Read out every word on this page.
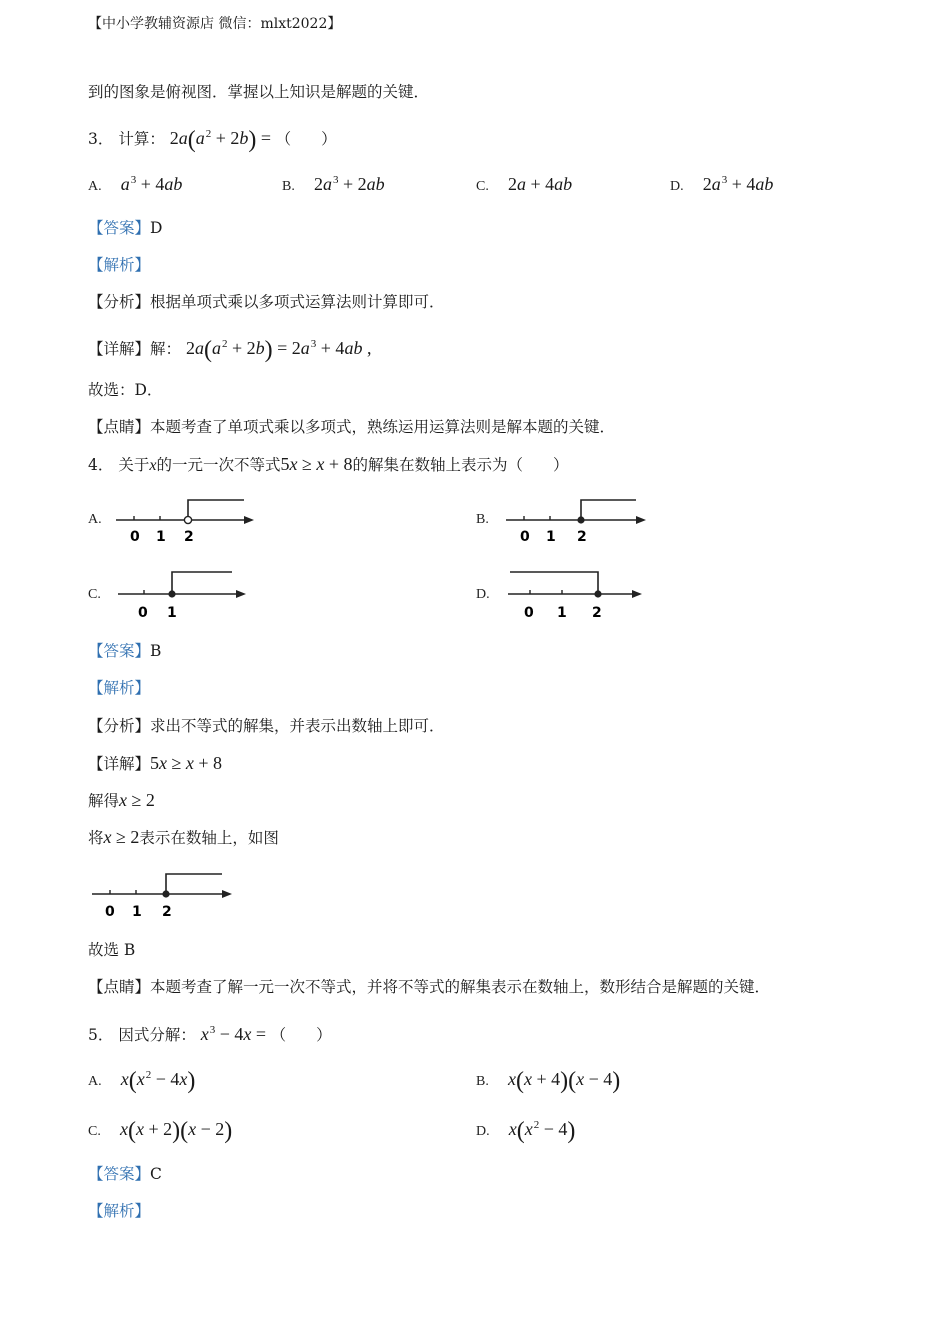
【中小学教辅资源店 微信：mlxt2022】
到的图象是俯视图．掌握以上知识是解题的关键．
3． 计算： $2a(a^2 + 2b)$ = （ ）
A. $a^3 + 4ab$	B. $2a^3 + 2ab$	C. 2a + 4ab	D. $2a^3 + 4ab$
【答案】D
【解析】
【分析】根据单项式乘以多项式运算法则计算即可．
【详解】解： $2a(a^2 + 2b) = 2a^3 + 4ab$ ,
故选：D．
【点睛】本题考查了单项式乘以多项式，熟练运用运算法则是解本题的关键．
4． 关于x的一元一次不等式5x ≥ x + 8的解集在数轴上表示为（ ）
A.
0 1 2
B.
0 1 2
C.
0 1
D.
0 1 2
【答案】B
【解析】
【分析】求出不等式的解集，并表示出数轴上即可．
【详解】5x ≥ x + 8
解得x ≥ 2
将x ≥ 2表示在数轴上，如图
0 1 2
故选 B
【点睛】本题考查了解一元一次不等式，并将不等式的解集表示在数轴上，数形结合是解题的关键．
5． 因式分解： $x^3 - 4x$ = （ ）
A. $x(x^2 - 4x)$	B. x(x + 4)(x − 4)
C. x(x + 2)(x − 2)	D. $x(x^2 - 4)$
【答案】C
【解析】
